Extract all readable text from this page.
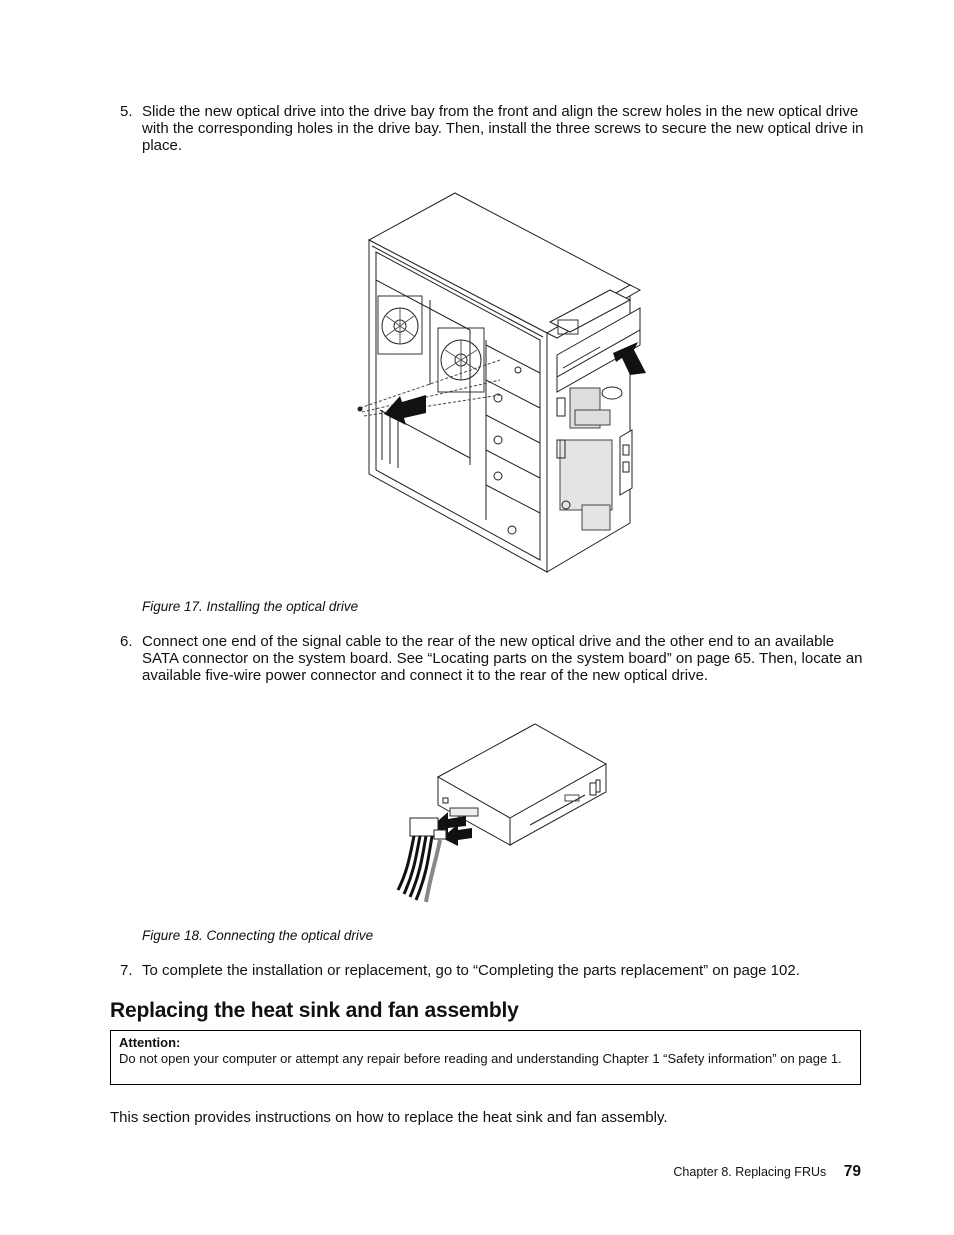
5. Slide the new optical drive into the drive bay from the front and align the screw holes in the new optical drive with the corresponding holes in the drive bay. Then, install the three screws to secure the new optical drive in place.
Figure 17. Installing the optical drive
6. Connect one end of the signal cable to the rear of the new optical drive and the other end to an available SATA connector on the system board. See “Locating parts on the system board” on page 65. Then, locate an available five-wire power connector and connect it to the rear of the new optical drive.
Figure 18. Connecting the optical drive
7. To complete the installation or replacement, go to “Completing the parts replacement” on page 102.
Replacing the heat sink and fan assembly
Attention:
Do not open your computer or attempt any repair before reading and understanding Chapter 1 “Safety information” on page 1.
This section provides instructions on how to replace the heat sink and fan assembly.
Chapter 8. Replacing FRUs 79
